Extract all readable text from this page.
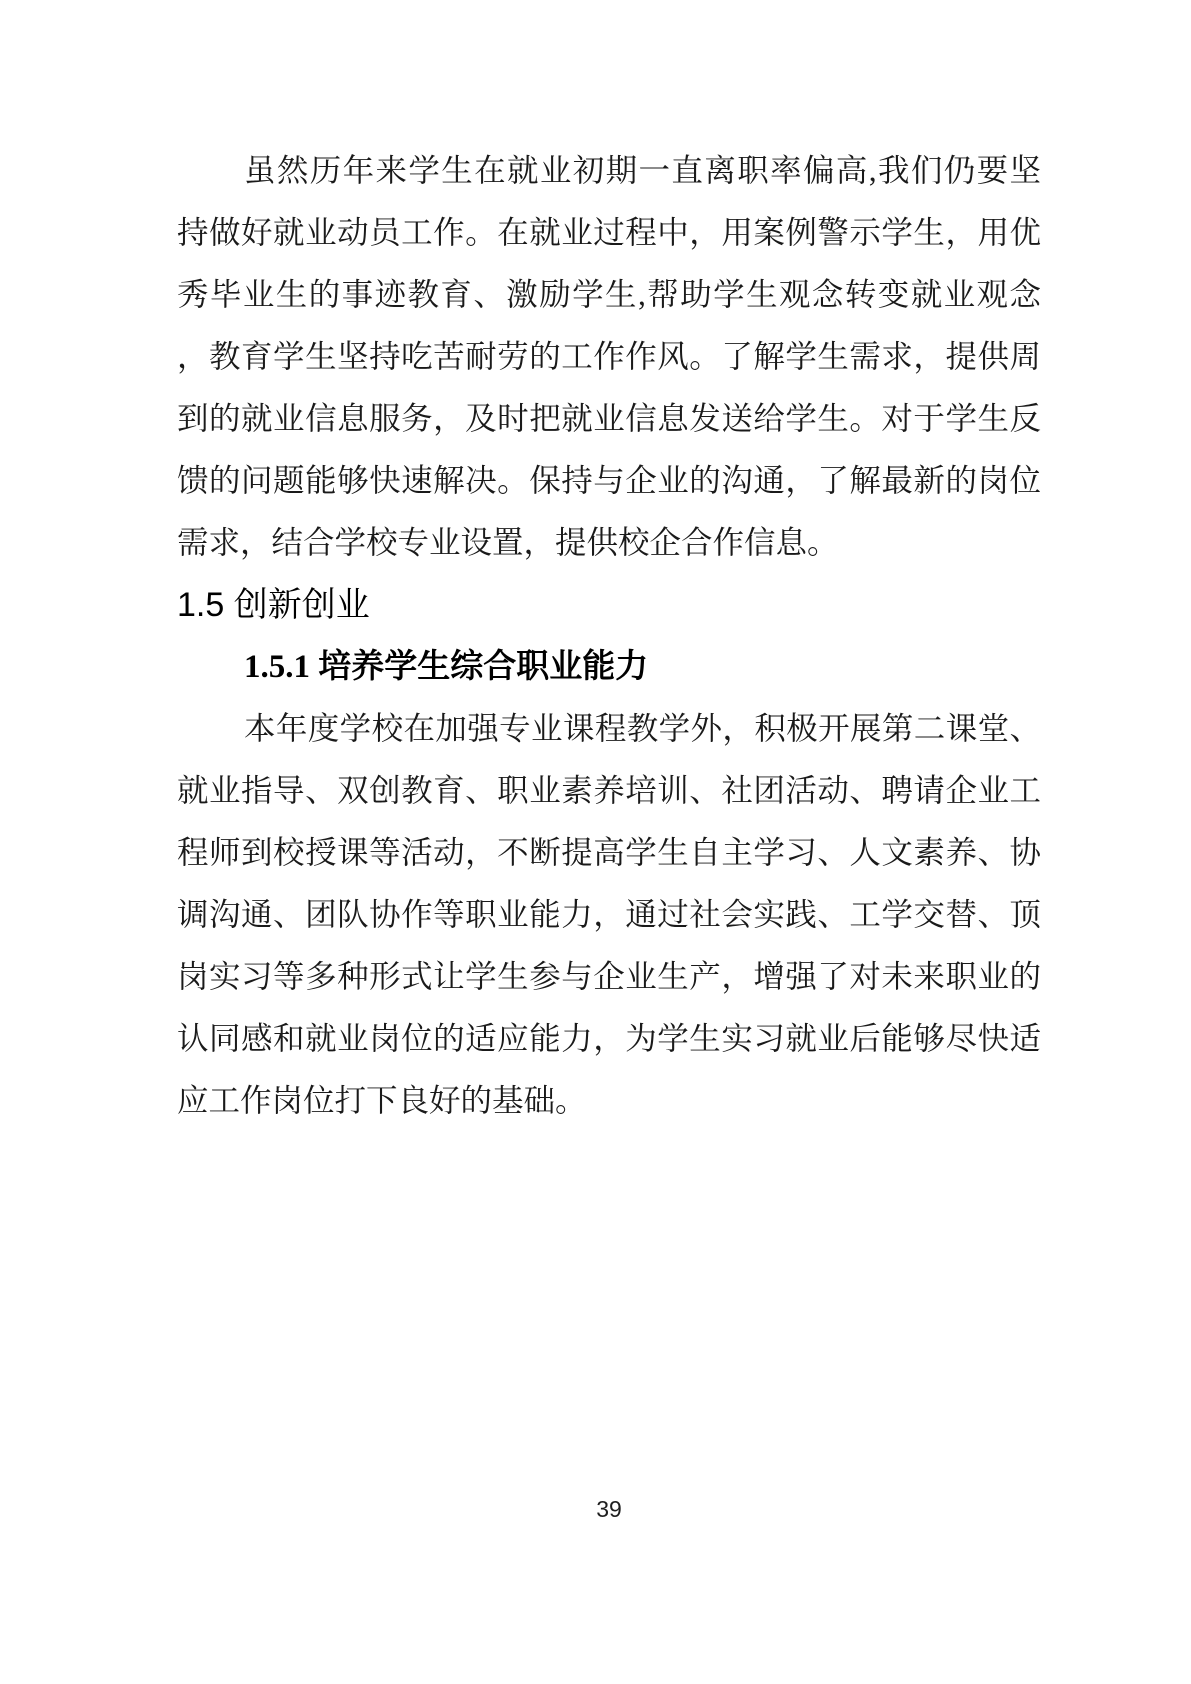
虽然历年来学生在就业初期一直离职率偏高,我们仍要坚
持做好就业动员工作。在就业过程中，用案例警示学生，用优
秀毕业生的事迹教育、激励学生,帮助学生观念转变就业观念
，教育学生坚持吃苦耐劳的工作作风。了解学生需求，提供周
到的就业信息服务，及时把就业信息发送给学生。对于学生反
馈的问题能够快速解决。保持与企业的沟通，了解最新的岗位
需求，结合学校专业设置，提供校企合作信息。
1.5 创新创业
1.5.1 培养学生综合职业能力
本年度学校在加强专业课程教学外，积极开展第二课堂、
就业指导、双创教育、职业素养培训、社团活动、聘请企业工
程师到校授课等活动，不断提高学生自主学习、人文素养、协
调沟通、团队协作等职业能力，通过社会实践、工学交替、顶
岗实习等多种形式让学生参与企业生产，增强了对未来职业的
认同感和就业岗位的适应能力，为学生实习就业后能够尽快适
应工作岗位打下良好的基础。
39
